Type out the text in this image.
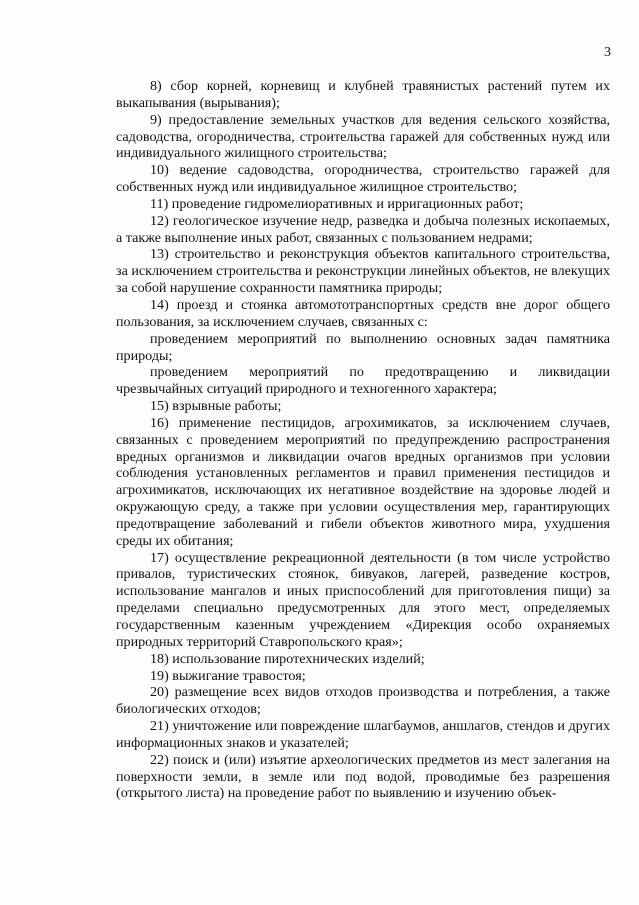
3

8) сбор корней, корневищ и клубней травянистых растений путем их выкапывания (вырывания);

9) предоставление земельных участков для ведения сельского хозяйства, садоводства, огородничества, строительства гаражей для собственных нужд или индивидуального жилищного строительства;

10) ведение садоводства, огородничества, строительство гаражей для собственных нужд или индивидуальное жилищное строительство;

11) проведение гидромелиоративных и ирригационных работ;

12) геологическое изучение недр, разведка и добыча полезных ископаемых, а также выполнение иных работ, связанных с пользованием недрами;

13) строительство и реконструкция объектов капитального строительства, за исключением строительства и реконструкции линейных объектов, не влекущих за собой нарушение сохранности памятника природы;

14) проезд и стоянка автомототранспортных средств вне дорог общего пользования, за исключением случаев, связанных с:

проведением мероприятий по выполнению основных задач памятника природы;

проведением мероприятий по предотвращению и ликвидации чрезвычайных ситуаций природного и техногенного характера;

15) взрывные работы;

16) применение пестицидов, агрохимикатов, за исключением случаев, связанных с проведением мероприятий по предупреждению распространения вредных организмов и ликвидации очагов вредных организмов при условии соблюдения установленных регламентов и правил применения пестицидов и агрохимикатов, исключающих их негативное воздействие на здоровье людей и окружающую среду, а также при условии осуществления мер, гарантирующих предотвращение заболеваний и гибели объектов животного мира, ухудшения среды их обитания;

17) осуществление рекреационной деятельности (в том числе устройство привалов, туристических стоянок, бивуаков, лагерей, разведение костров, использование мангалов и иных приспособлений для приготовления пищи) за пределами специально предусмотренных для этого мест, определяемых государственным казенным учреждением «Дирекция особо охраняемых природных территорий Ставропольского края»;

18) использование пиротехнических изделий;

19) выжигание травостоя;

20) размещение всех видов отходов производства и потребления, а также биологических отходов;

21) уничтожение или повреждение шлагбаумов, аншлагов, стендов и других информационных знаков и указателей;

22) поиск и (или) изъятие археологических предметов из мест залегания на поверхности земли, в земле или под водой, проводимые без разрешения (открытого листа) на проведение работ по выявлению и изучению объек-
